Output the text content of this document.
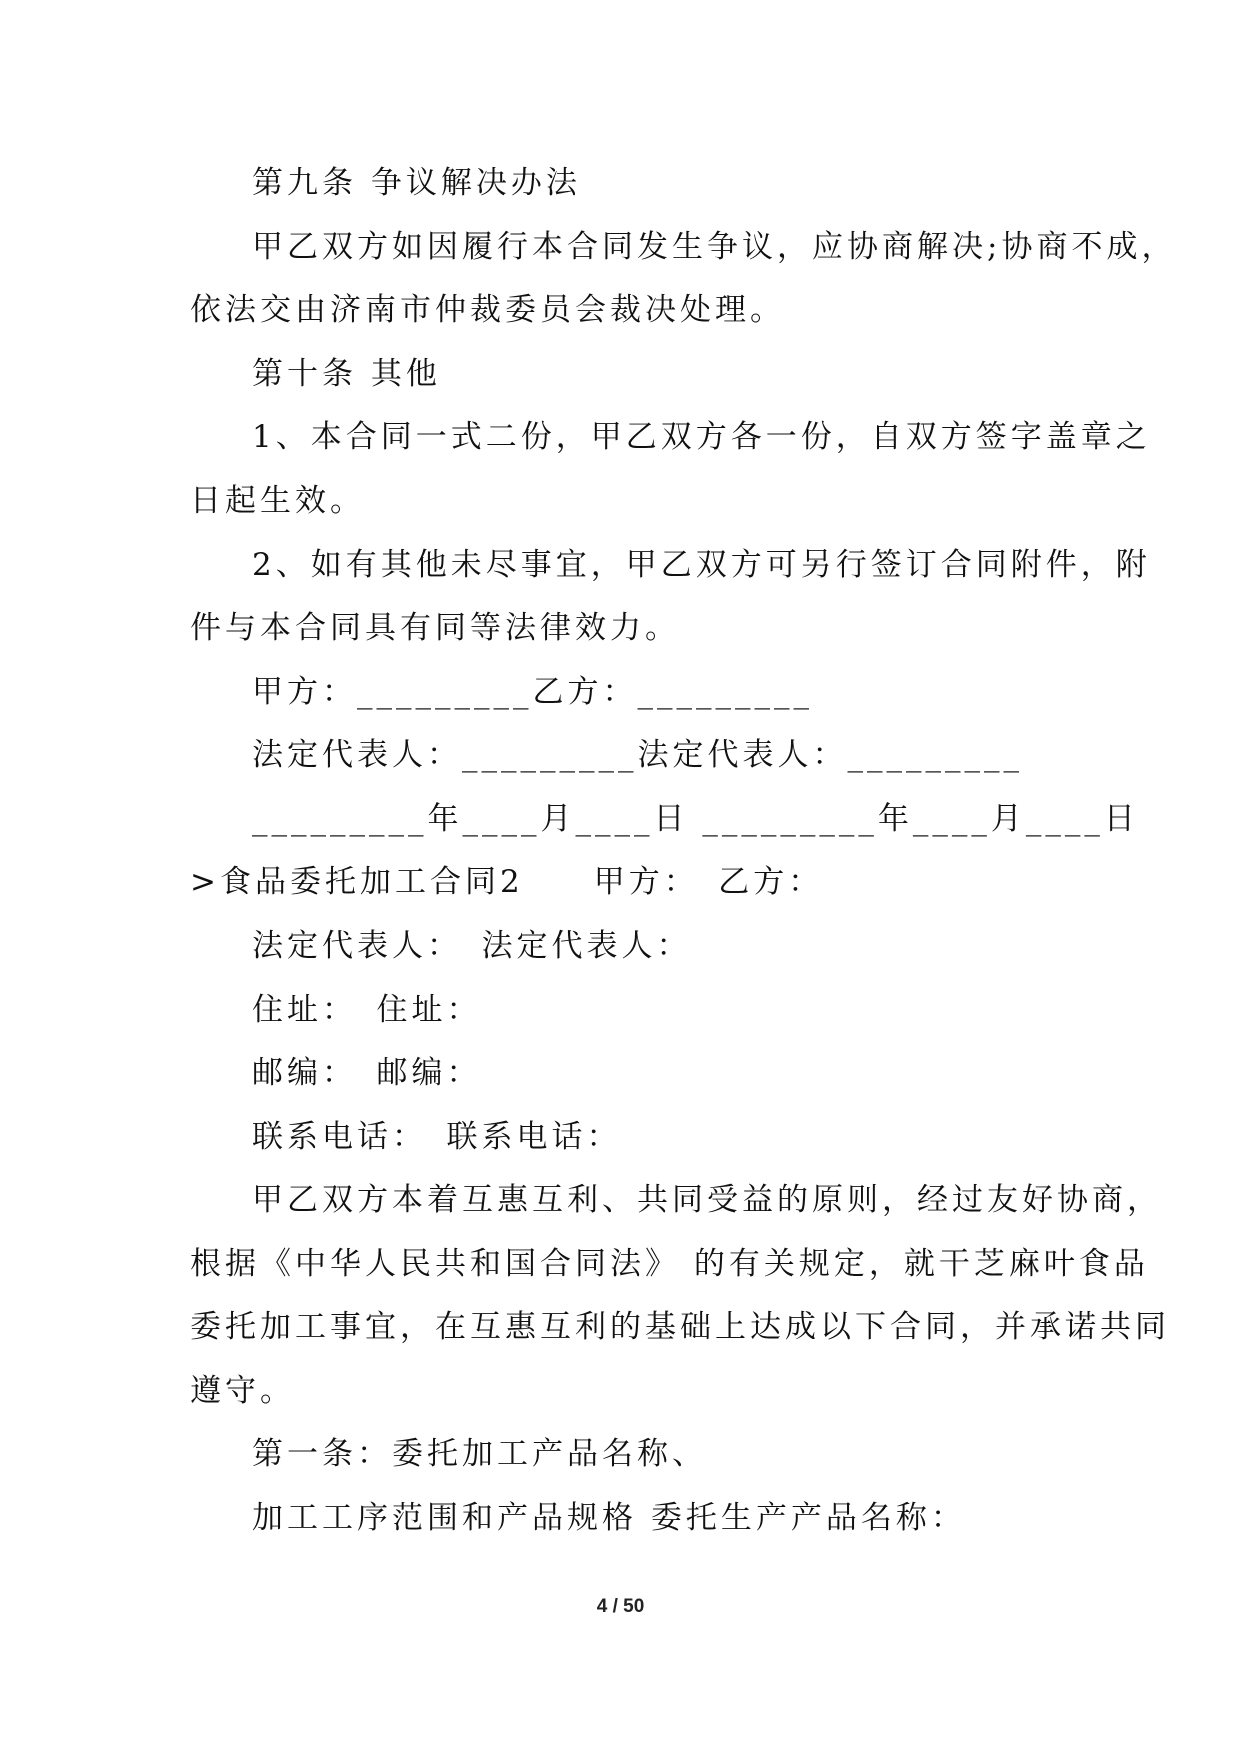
第九条 争议解决办法
甲乙双方如因履行本合同发生争议，应协商解决;协商不成，
依法交由济南市仲裁委员会裁决处理。
第十条 其他
1、本合同一式二份，甲乙双方各一份，自双方签字盖章之
日起生效。
2、如有其他未尽事宜，甲乙双方可另行签订合同附件，附
件与本合同具有同等法律效力。
甲方：_________乙方：_________
法定代表人：_________法定代表人：_________
_________年____月____日 _________年____月____日
>食品委托加工合同2　　甲方：　乙方：
法定代表人：　法定代表人：
住址：　住址：
邮编：　邮编：
联系电话：　联系电话：
甲乙双方本着互惠互利、共同受益的原则，经过友好协商，
根据《中华人民共和国合同法》 的有关规定，就干芝麻叶食品
委托加工事宜，在互惠互利的基础上达成以下合同，并承诺共同
遵守。
第一条：委托加工产品名称、
加工工序范围和产品规格 委托生产产品名称：
4 / 50
